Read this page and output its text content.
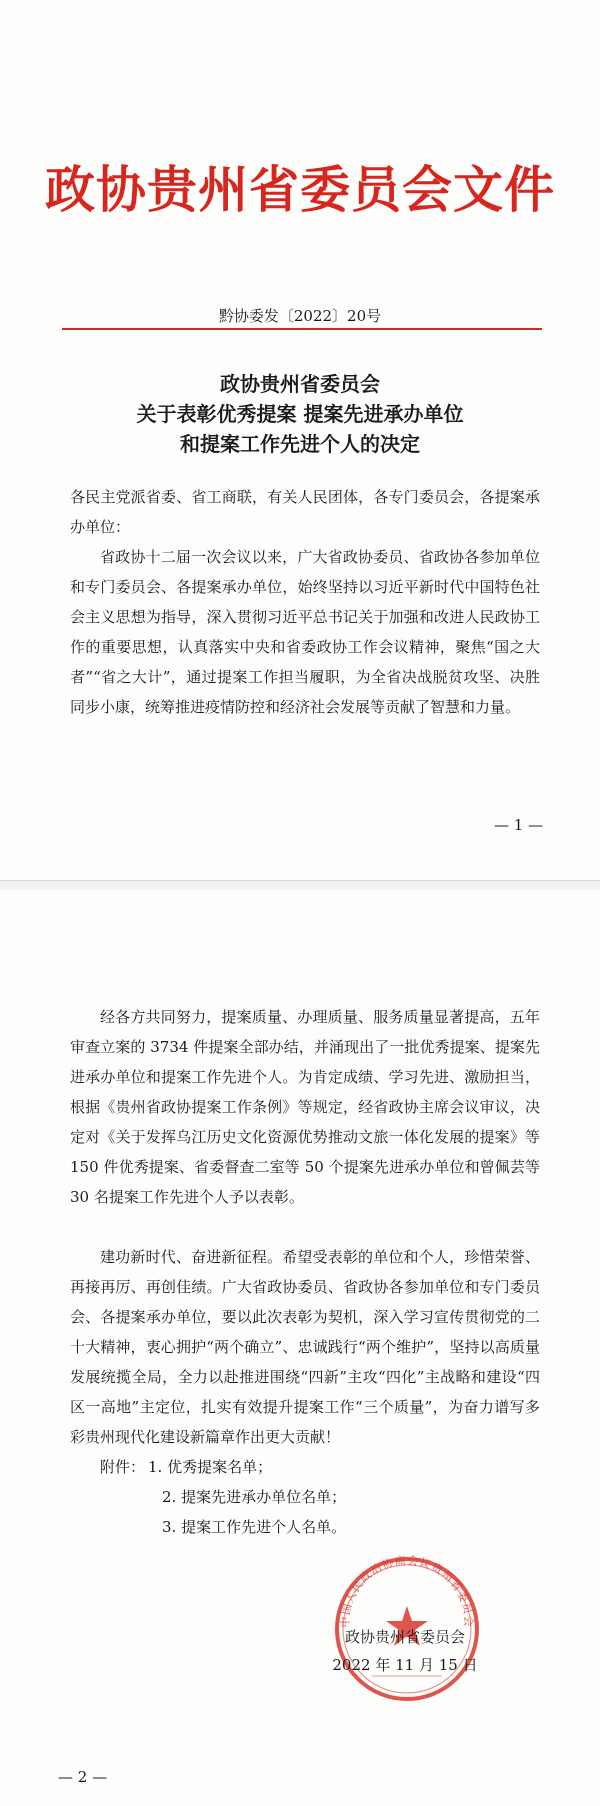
政协贵州省委员会文件
黔协委发〔2022〕20号
政协贵州省委员会
关于表彰优秀提案 提案先进承办单位
和提案工作先进个人的决定

各民主党派省委、省工商联，有关人民团体，各专门委员会，各提案承办单位：

省政协十二届一次会议以来，广大省政协委员、省政协各参加单位和专门委员会、各提案承办单位，始终坚持以习近平新时代中国特色社会主义思想为指导，深入贯彻习近平总书记关于加强和改进人民政协工作的重要思想，认真落实中央和省委政协工作会议精神，聚焦“国之大者”“省之大计”，通过提案工作担当履职，为全省决战脱贫攻坚、决胜同步小康，统筹推进疫情防控和经济社会发展等贡献了智慧和力量。

— 1 —

经各方共同努力，提案质量、办理质量、服务质量显著提高，五年审查立案的 3734 件提案全部办结，并涌现出了一批优秀提案、提案先进承办单位和提案工作先进个人。为肯定成绩、学习先进、激励担当，根据《贵州省政协提案工作条例》等规定，经省政协主席会议审议，决定对《关于发挥乌江历史文化资源优势推动文旅一体化发展的提案》等 150 件优秀提案、省委督查二室等 50 个提案先进承办单位和曾佩芸等 30 名提案工作先进个人予以表彰。

建功新时代、奋进新征程。希望受表彰的单位和个人，珍惜荣誉、再接再厉、再创佳绩。广大省政协委员、省政协各参加单位和专门委员会、各提案承办单位，要以此次表彰为契机，深入学习宣传贯彻党的二十大精神，衷心拥护“两个确立”、忠诚践行“两个维护”，坚持以高质量发展统揽全局，全力以赴推进围绕“四新”主攻“四化”主战略和建设“四区一高地”主定位，扎实有效提升提案工作“三个质量”，为奋力谱写多彩贵州现代化建设新篇章作出更大贡献！

附件： 1. 优秀提案名单；
2. 提案先进承办单位名单；
3. 提案工作先进个人名单。
中国人民政治协商会议贵州省委员会
政协贵州省委员会
2022 年 11 月 15 日
— 2 —
